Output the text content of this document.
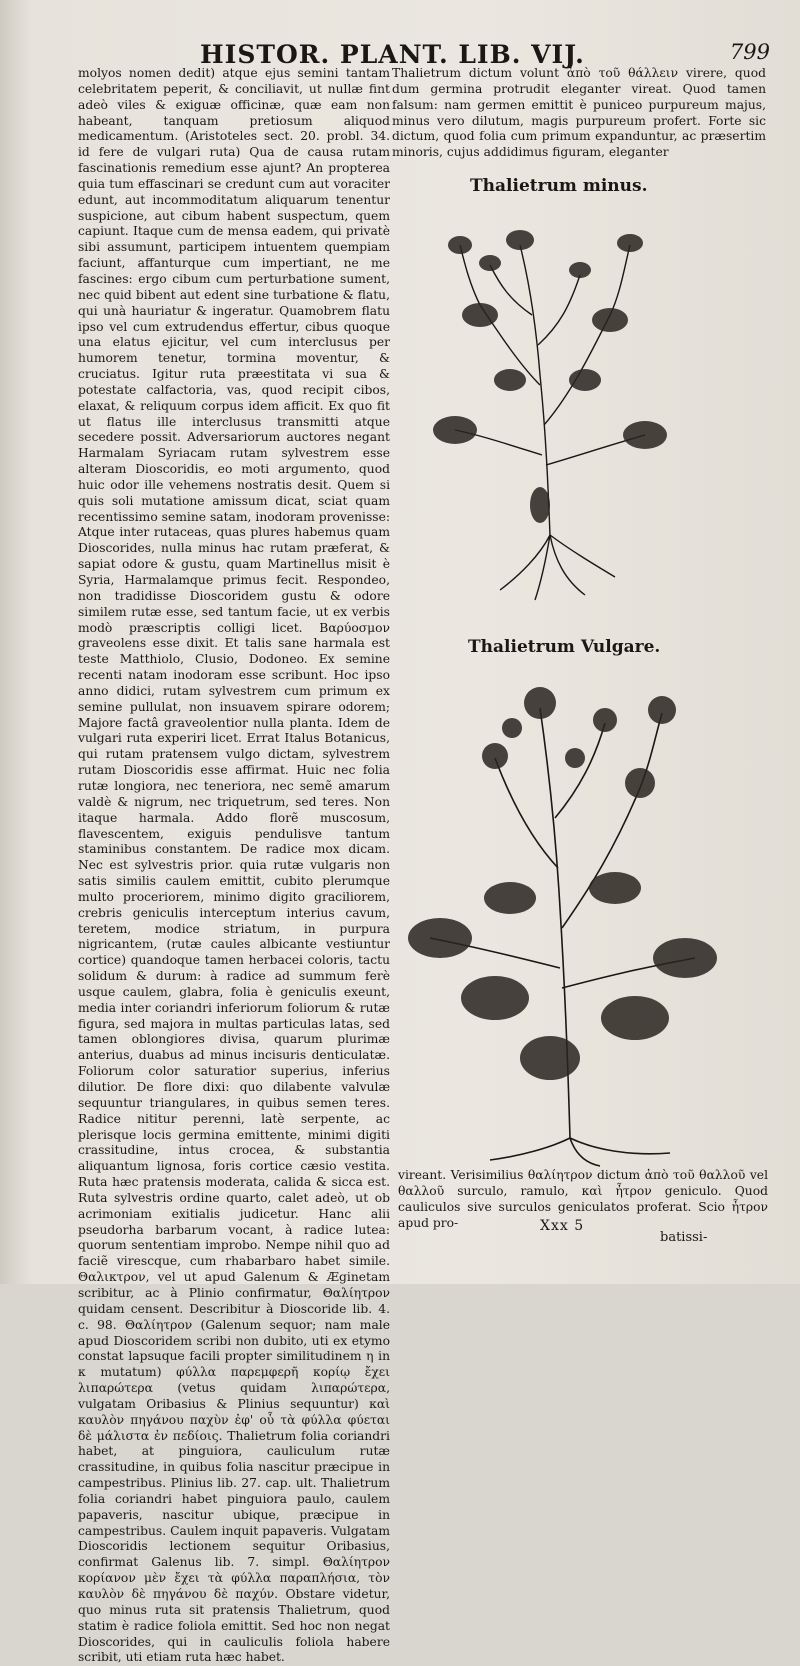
HISTOR. PLANT. LIB. VIJ.	799

molyos nomen dedit) atque ejus semini tantam celebritatem peperit, & conciliavit, ut nullæ fint adeò viles & exiguæ officinæ, quæ eam non habeant, tanquam pretiosum aliquod medicamentum. (Aristoteles sect. 20. probl. 34. id fere de vulgari ruta) Qua de causa rutam fascinationis remedium esse ajunt? An propterea quia tum effascinari se credunt cum aut voraciter edunt, aut incommoditatum aliquarum tenentur suspicione, aut cibum habent suspectum, quem capiunt. Itaque cum de mensa eadem, qui privatè sibi assumunt, participem intuentem quempiam faciunt, affanturque cum impertiant, ne me fascines: ergo cibum cum perturbatione sument, nec quid bibent aut edent sine turbatione & flatu, qui unà hauriatur & ingeratur. Quamobrem flatu ipso vel cum extrudendus effertur, cibus quoque una elatus ejicitur, vel cum interclusus per humorem tenetur, tormina moventur, & cruciatus. Igitur ruta præestitata vi sua & potestate calfactoria, vas, quod recipit cibos, elaxat, & reliquum corpus idem afficit. Ex quo fit ut flatus ille interclusus transmitti atque secedere possit. Adversariorum auctores negant Harmalam Syriacam rutam sylvestrem esse alteram Dioscoridis, eo moti argumento, quod huic odor ille vehemens nostratis desit. Quem si quis soli mutatione amissum dicat, sciat quam recentissimo semine satam, inodoram provenisse: Atque inter rutaceas, quas plures habemus quam Dioscorides, nulla minus hac rutam præferat, & sapiat odore & gustu, quam Martinellus misit è Syria, Harmalamque primus fecit. Respondeo, non tradidisse Dioscoridem gustu & odore similem rutæ esse, sed tantum facie, ut ex verbis modò præscriptis colligi licet. Βαρύοσμον graveolens esse dixit. Et talis sane harmala est teste Matthiolo, Clusio, Dodoneo. Ex semine recenti natam inodoram esse scribunt. Hoc ipso anno didici, rutam sylvestrem cum primum ex semine pullulat, non insuavem spirare odorem; Majore factâ graveolentior nulla planta. Idem de vulgari ruta experiri licet. Errat Italus Botanicus, qui rutam pratensem vulgo dictam, sylvestrem rutam Dioscoridis esse affirmat. Huic nec folia rutæ longiora, nec teneriora, nec semẽ amarum valdè & nigrum, nec triquetrum, sed teres. Non itaque harmala. Addo florẽ muscosum, flavescentem, exiguis pendulisve tantum staminibus constantem. De radice mox dicam. Nec est sylvestris prior. quia rutæ vulgaris non satis similis caulem emittit, cubito plerumque multo proceriorem, minimo digito graciliorem, crebris geniculis interceptum interius cavum, teretem, modice striatum, in purpura nigricantem, (rutæ caules albicante vestiuntur cortice) quandoque tamen herbacei coloris, tactu solidum & durum: à radice ad summum ferè usque caulem, glabra, folia è geniculis exeunt, media inter coriandri inferiorum foliorum & rutæ figura, sed majora in multas particulas latas, sed tamen oblongiores divisa, quarum plurimæ anterius, duabus ad minus incisuris denticulatæ. Foliorum color saturatior superius, inferius dilutior. De flore dixi: quo dilabente valvulæ sequuntur triangulares, in quibus semen teres. Radice nititur perenni, latè serpente, ac plerisque locis germina emittente, minimi digiti crassitudine, intus crocea, & substantia aliquantum lignosa, foris cortice cæsio vestita. Ruta hæc pratensis moderata, calida & sicca est. Ruta sylvestris ordine quarto, calet adeò, ut ob acrimoniam exitialis judicetur. Hanc alii pseudorha barbarum vocant, à radice lutea: quorum sententiam improbo. Nempe nihil quo ad faciẽ virescque, cum rhabarbaro habet simile. Θαλικτρον, vel ut apud Galenum & Æginetam scribitur, ac à Plinio confirmatur, Θαλίητρον quidam censent. Describitur à Dioscoride lib. 4. c. 98. Θαλίητρον (Galenum sequor; nam male apud Dioscoridem scribi non dubito, uti ex etymo constat lapsuque facili propter similitudinem η in κ mutatum) φύλλα παρεμφερῆ κορίῳ ἔχει λιπαρώτερα (vetus quidam λιπαρώτερα, vulgatam Oribasius & Plinius sequuntur) καὶ καυλὸν πηγάνου παχὺν ἐφ' οὗ τὰ φύλλα φύεται δὲ μάλιστα ἐν πεδίοις. Thalietrum folia coriandri habet, at pinguiora, cauliculum rutæ crassitudine, in quibus folia nascitur præcipue in campestribus. Plinius lib. 27. cap. ult. Thalietrum folia coriandri habet pinguiora paulo, caulem papaveris, nascitur ubique, præcipue in campestribus. Caulem inquit papaveris. Vulgatam Dioscoridis lectionem sequitur Oribasius, confirmat Galenus lib. 7. simpl. Θαλίητρον κορίανον μὲν ἔχει τὰ φύλλα παραπλήσια, τὸν καυλὸν δὲ πηγάνου δὲ παχύν. Obstare videtur, quo minus ruta sit pratensis Thalietrum, quod statim è radice foliola emittit. Sed hoc non negat Dioscorides, qui in cauliculis foliola habere scribit, uti etiam ruta hæc habet.

Thalietrum dictum volunt ἀπὸ τοῦ θάλλειν virere, quod dum germina protrudit eleganter vireat. Quod tamen falsum: nam germen emittit è puniceo purpureum majus, minus vero dilutum, magis purpureum profert. Forte sic dictum, quod folia cum primum expanduntur, ac præsertim minoris, cujus addidimus figuram, eleganter

Thalietrum minus.
Thalietrum Vulgare.

vireant. Verisimilius θαλίητρον dictum ἀπὸ τοῦ θαλλοῦ vel θαλλοῦ surculo, ramulo, καὶ ἦτρον geniculo. Quod cauliculos sive surculos geniculatos proferat. Scio ἦτρον apud pro-	Xxx 5
batissi-
